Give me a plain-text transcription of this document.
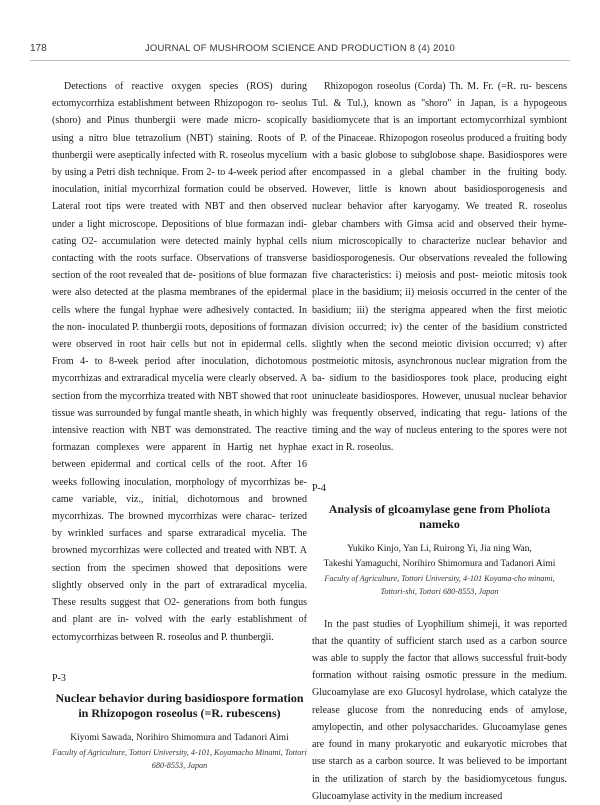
178	JOURNAL OF MUSHROOM SCIENCE AND PRODUCTION 8 (4) 2010

Detections of reactive oxygen species (ROS) during ectomycorrhiza establishment between Rhizopogon ro- seolus (shoro) and Pinus thunbergii were made micro- scopically using a nitro blue tetrazolium (NBT) staining. Roots of P. thunbergii were aseptically infected with R. roseolus mycelium by using a Petri dish technique. From 2- to 4-week period after inoculation, initial mycorrhizal formation could be observed. Lateral root tips were treated with NBT and then observed under a light microscope. Depositions of blue formazan indi- cating O2- accumulation were detected mainly hyphal cells contacting with the roots surface. Observations of transverse section of the root revealed that de- positions of blue formazan were also detected at the plasma membranes of the epidermal cells where the fungal hyphae were adhesively contacted. In the non- inoculated P. thunbergii roots, depositions of formazan were observed in root hair cells but not in epidermal cells. From 4- to 8-week period after inoculation, dichotomous mycorrhizas and extraradical mycelia were clearly observed. A section from the mycorrhiza treated with NBT showed that root tissue was surrounded by fungal mantle sheath, in which highly intensive reaction with NBT was demonstrated. The reactive formazan complexes were apparent in Hartig net hyphae between epidermal and cortical cells of the root. After 16 weeks following inoculation, morphology of mycorrhizas be- came variable, viz., initial, dichotomous and browned mycorrhizas. The browned mycorrhizas were charac- terized by wrinkled surfaces and sparse extraradical mycelia. The browned mycorrhizas were collected and treated with NBT. A section from the specimen showed that depositions were slightly observed only in the part of extraradical mycelia. These results suggest that O2- generations from both fungus and plant are in- volved with the early establishment of ectomycorrhizas between R. roseolus and P. thunbergii.

P-3

Nuclear behavior during basidiospore formation in Rhizopogon roseolus (=R. rubescens)

Kiyomi Sawada, Norihiro Shimomura and Tadanori Aimi

Faculty of Agriculture, Tottori University, 4-101, Koyamacho Minami, Tottori 680-8553, Japan

Rhizopogon roseolus (Corda) Th. M. Fr. (=R. ru- bescens Tul. & Tul.), known as "shoro" in Japan, is a hypogeous basidiomycete that is an important ectomycorrhizal symbiont of the Pinaceae. Rhizopogon roseolus produced a fruiting body with a basic globose to subglobose shape. Basidiospores were encompassed in a glebal chamber in the fruiting body. However, little is known about basidiosporogenesis and nuclear behavior after karyogamy. We treated R. roseolus glebar chambers with Gimsa acid and observed their hyme- nium microscopically to characterize nuclear behavior and basidiosporogenesis. Our observations revealed the following five characteristics: i) meiosis and post- meiotic mitosis took place in the basidium; ii) meiosis occurred in the center of the basidium; iii) the sterigma appeared when the first meiotic division occurred; iv) the center of the basidium constricted slightly when the second meiotic division occurred; v) after postmeiotic mitosis, asynchronous nuclear migration from the ba- sidium to the basidiospores took place, producing eight uninucleate basidiospores. However, unusual nuclear behavior was frequently observed, indicating that regu- lations of the timing and the way of nucleus entering to the spores were not exact in R. roseolus.

P-4

Analysis of glcoamylase gene from Pholiota nameko

Yukiko Kinjo, Yan Li, Ruirong Yi, Jia ning Wan,

Takeshi Yamaguchi, Norihiro Shimomura and Tadanori Aimi

Faculty of Agriculture, Tottori University, 4-101 Koyama-cho minami, Tottori-shi, Tottori 680-8553, Japan

In the past studies of Lyophilium shimeji, it was reported that the quantity of sufficient starch used as a carbon source was able to supply the factor that allows successful fruit-body formation without raising osmotic pressure in the medium. Glucoamylase are exo Glucosyl hydrolase, which catalyze the release glucose from the nonreducing ends of amylose, amylopectin, and other polysaccharides. Glucoamylase genes are found in many prokaryotic and eukaryotic microbes that use starch as a carbon source. It was believed to be important in the utilization of starch by the basidiomycetous fungus. Glucoamylase activity in the medium increased
